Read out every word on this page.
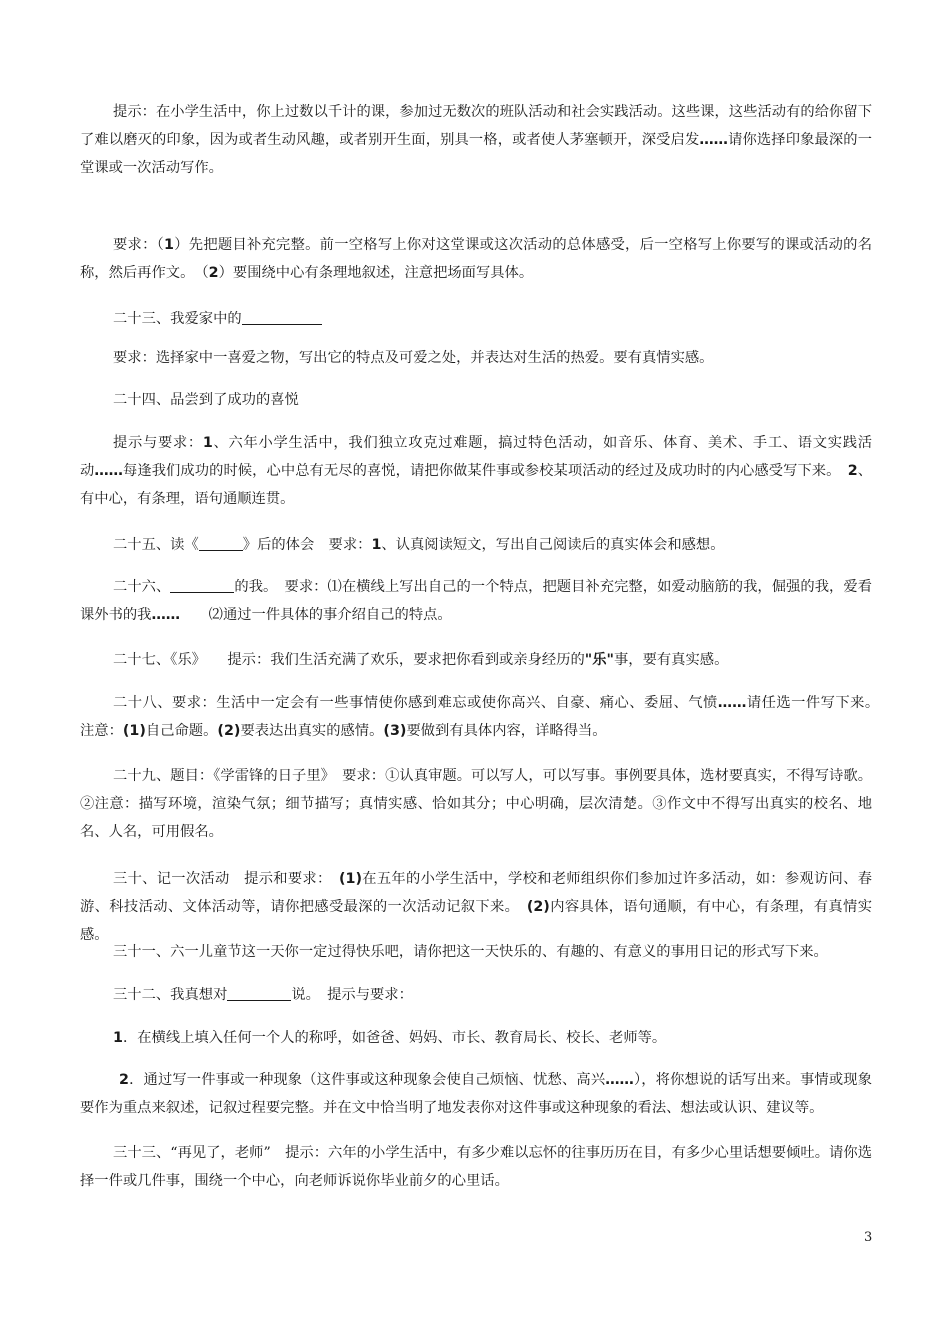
提示：在小学生活中，你上过数以千计的课，参加过无数次的班队活动和社会实践活动。这些课，这些活动有的给你留下了难以磨灭的印象，因为或者生动风趣，或者别开生面，别具一格，或者使人茅塞顿开，深受启发……请你选择印象最深的一堂课或一次活动写作。

要求：（1）先把题目补充完整。前一空格写上你对这堂课或这次活动的总体感受，后一空格写上你要写的课或活动的名称，然后再作文。　（2）要围绕中心有条理地叙述，注意把场面写具体。

二十三、我爱家中的

要求：选择家中一喜爱之物，写出它的特点及可爱之处，并表达对生活的热爱。要有真情实感。

二十四、品尝到了成功的喜悦

提示与要求：1、六年小学生活中，我们独立攻克过难题，搞过特色活动，如音乐、体育、美术、手工、语文实践活动……每逢我们成功的时候，心中总有无尽的喜悦，请把你做某件事或参校某项活动的经过及成功时的内心感受写下来。　 2、有中心，有条理，语句通顺连贯。

二十五、读《	》后的体会　要求：1、认真阅读短文，写出自己阅读后的真实体会和感想。

二十六、	的我。　要求：⑴在横线上写出自己的一个特点，把题目补充完整，如爱动脑筋的我，倔强的我，爱看课外书的我……　　 ⑵通过一件具体的事介绍自己的特点。

二十七、《乐》　　提示：我们生活充满了欢乐，要求把你看到或亲身经历的"乐"事，要有真实感。

二十八、要求：生活中一定会有一些事情使你感到难忘或使你高兴、自豪、痛心、委屈、气愤……请任选一件写下来。　注意：(1)自己命题。(2)要表达出真实的感情。(3)要做到有具体内容，详略得当。

二十九、题目：《学雷锋的日子里》　要求：①认真审题。可以写人，可以写事。事例要具体，选材要真实，不得写诗歌。②注意：描写环境，渲染气氛；细节描写；真情实感、恰如其分；中心明确，层次清楚。③作文中不得写出真实的校名、地名、人名，可用假名。

三十、记一次活动　提示和要求：　(1)在五年的小学生活中，学校和老师组织你们参加过许多活动，如：参观访问、春游、科技活动、文体活动等，请你把感受最深的一次活动记叙下来。　 (2)内容具体，语句通顺，有中心，有条理，有真情实感。

三十一、六一儿童节这一天你一定过得快乐吧，请你把这一天快乐的、有趣的、有意义的事用日记的形式写下来。

三十二、我真想对	说。　提示与要求：

1．在横线上填入任何一个人的称呼，如爸爸、妈妈、市长、教育局长、校长、老师等。

2．通过写一件事或一种现象（这件事或这种现象会使自己烦恼、忧愁、高兴……），将你想说的话写出来。事情或现象要作为重点来叙述，记叙过程要完整。并在文中恰当明了地发表你对这件事或这种现象的看法、想法或认识、建议等。

三十三、“再见了，老师”　提示：六年的小学生活中，有多少难以忘怀的往事历历在目，有多少心里话想要倾吐。请你选择一件或几件事，围绕一个中心，向老师诉说你毕业前夕的心里话。

3
